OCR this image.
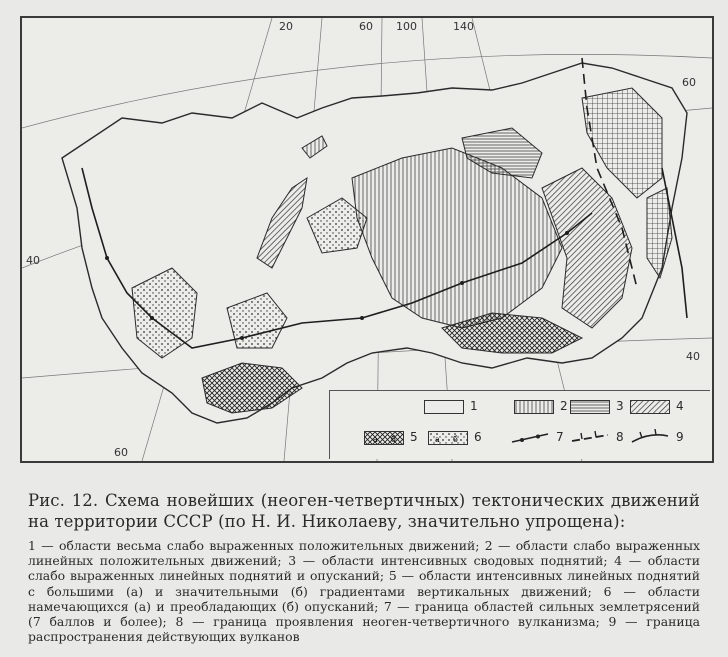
20	60 100	140
60
40
40
60
1	2	3	4
а б 5 а б 6	7	8	9

Рис. 12. Схема новейших (неоген-четвертичных) тектонических движений на территории СССР (по Н. И. Николаеву, значительно упрощена):

1 — области весьма слабо выраженных положительных движений; 2 — области слабо выраженных линейных положительных движений; 3 — области интенсивных сводовых поднятий; 4 — области слабо выраженных линейных поднятий и опусканий; 5 — области интенсивных линейных поднятий с большими (а) и значительными (б) градиентами вертикальных движений; 6 — области намечающихся (а) и преобладающих (б) опусканий; 7 — граница областей сильных землетрясений (7 баллов и более); 8 — граница проявления неоген-четвертичного вулканизма; 9 — граница распространения действующих вулканов
